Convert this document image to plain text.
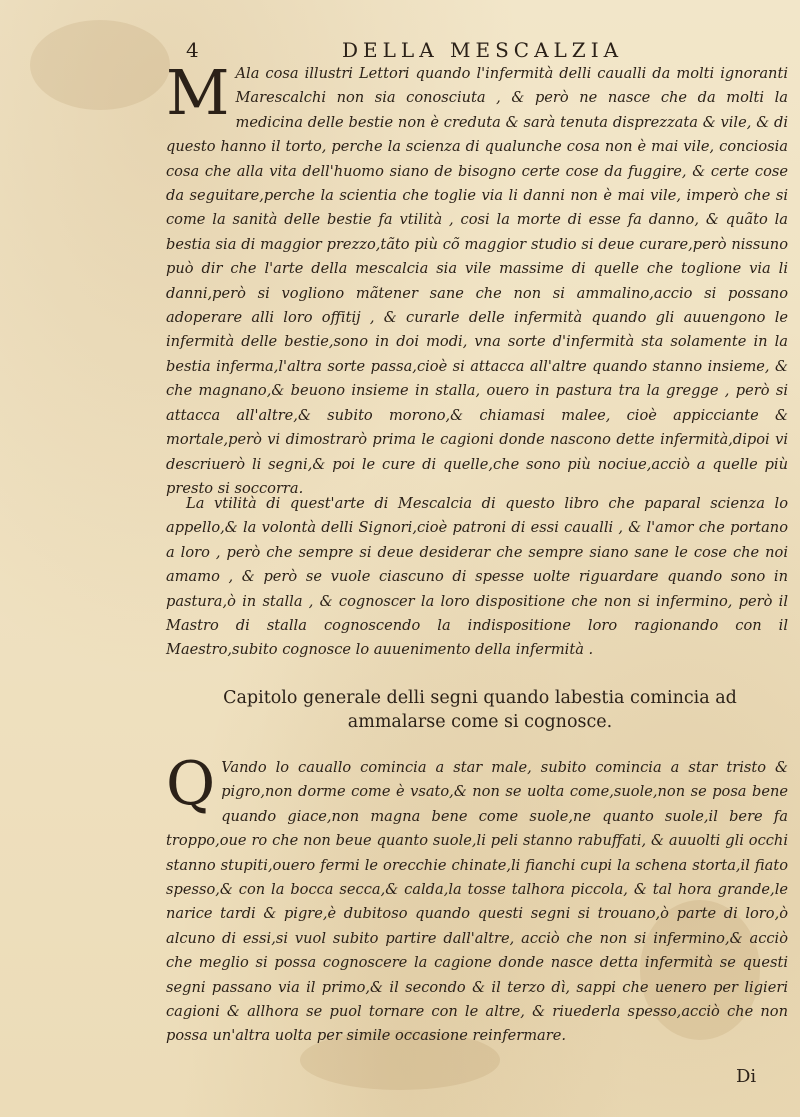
4	DELLA MESCALZIA

M Ala cosa illustri Lettori quando l'infermità delli caualli da molti ignoranti Marescalchi non sia conosciuta , & però ne nasce che da molti la medicina delle bestie non è creduta & sarà tenuta disprezzata & vile, & di questo hanno il torto, perche la scienza di qualunche cosa non è mai vile, conciosia cosa che alla vita dell'huomo siano de bisogno certe cose da fuggire, & certe cose da seguitare,perche la scientia che toglie via li danni non è mai vile, imperò che si come la sanità delle bestie fa vtilità , cosi la morte di esse fa danno, & quãto la bestia sia di maggior prezzo,tãto più cõ maggior studio si deue curare,però nissuno può dir che l'arte della mescalcia sia vile massime di quelle che toglione via li danni,però si vogliono mãtener sane che non si ammalino,accio si possano adoperare alli loro offitij , & curarle delle infermità quando gli auuengono le infermità delle bestie,sono in doi modi, vna sorte d'infermità sta solamente in la bestia inferma,l'altra sorte passa,cioè si attacca all'altre quando stanno insieme, & che magnano,& beuono insieme in stalla, ouero in pastura tra la gregge , però si attacca all'altre,& subito morono,& chiamasi malee, cioè appicciante & mortale,però vi dimostrarò prima le cagioni donde nascono dette infermità,dipoi vi descriuerò li segni,& poi le cure di quelle,che sono più nociue,acciò a quelle più presto si soccorra.

La vtilità di quest'arte di Mescalcia di questo libro che paparal scienza lo appello,& la volontà delli Signori,cioè patroni di essi caualli , & l'amor che portano a loro , però che sempre si deue desiderar che sempre siano sane le cose che noi amamo , & però se vuole ciascuno di spesse uolte riguardare quando sono in pastura,ò in stalla , & cognoscer la loro dispositione che non si infermino, però il Mastro di stalla cognoscendo la indispositione loro ragionando con il Maestro,subito cognosce lo auuenimento della infermità .

Capitolo generale delli segni quando labestia comincia ad ammalarse come si cognosce.

Q Vando lo cauallo comincia a star male, subito comincia a star tristo & pigro,non dorme come è vsato,& non se uolta come,suole,non se posa bene quando giace,non magna bene come suole,ne quanto suole,il bere fa troppo,oue ro che non beue quanto suole,li peli stanno rabuffati, & auuolti gli occhi stanno stupiti,ouero fermi le orecchie chinate,li fianchi cupi la schena storta,il fiato spesso,& con la bocca secca,& calda,la tosse talhora piccola, & tal hora grande,le narice tardi & pigre,è dubitoso quando questi segni si trouano,ò parte di loro,ò alcuno di essi,si vuol subito partire dall'altre, acciò che non si infermino,& acciò che meglio si possa cognoscere la cagione donde nasce detta infermità se questi segni passano via il primo,& il secondo & il terzo dì, sappi che uenero per ligieri cagioni & allhora se puol tornare con le altre, & riuederla spesso,acciò che non possa un'altra uolta per simile occasione reinfermare.

Di
